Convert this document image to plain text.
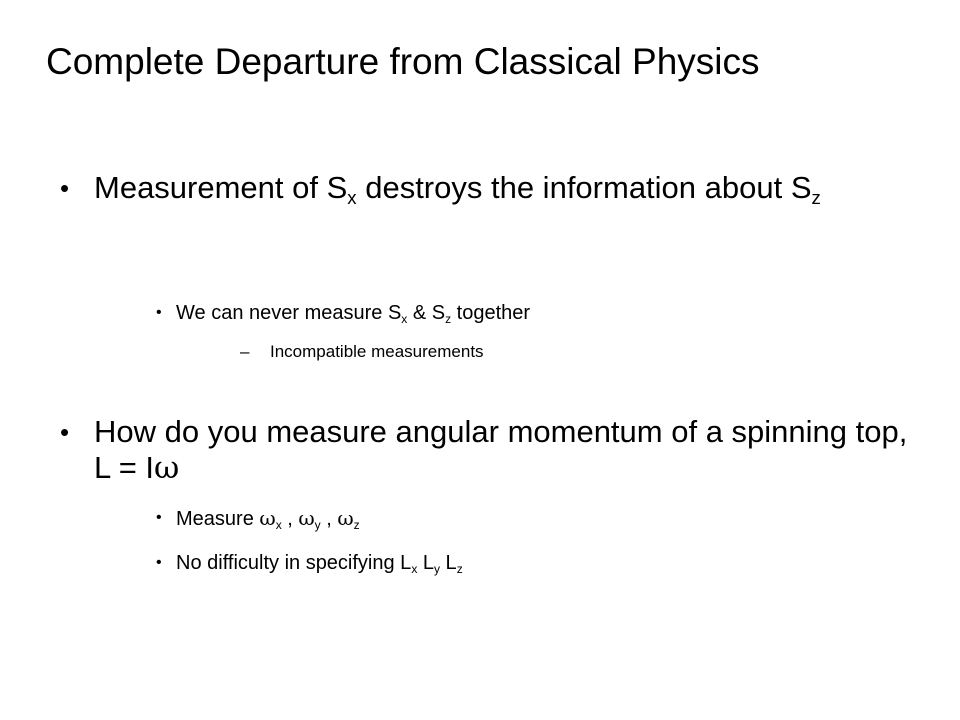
Complete Departure from Classical Physics
• Measurement of $S_x$ destroys the information about $S_z$
• We can never measure $S_x$ & $S_z$ together
– Incompatible measurements
• How do you measure angular momentum of a spinning top, L = Iω
• Measure $\omega_x$ , $\omega_y$ , $\omega_z$
• No difficulty in specifying $L_x$ $L_y$ $L_z$
